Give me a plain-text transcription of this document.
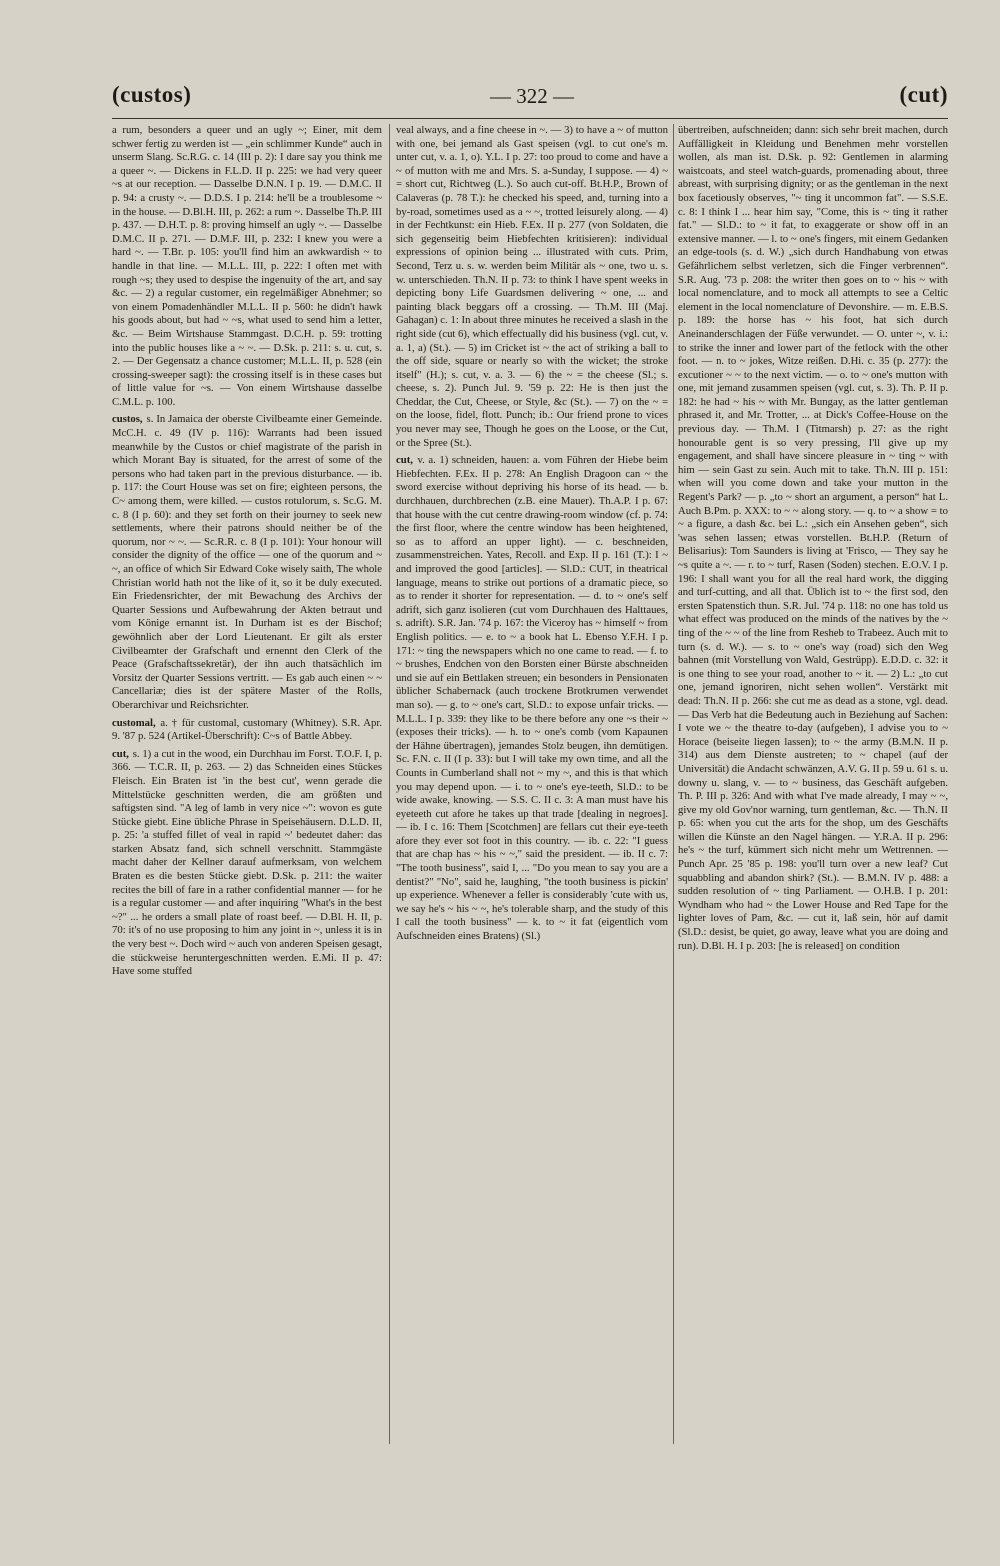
(custos)	— 322 —	(cut)

a rum, besonders a queer und an ugly ~; Einer, mit dem schwer fertig zu werden ist — „ein schlimmer Kunde“ auch in unserm Slang. Sc.R.G. c. 14 (III p. 2): I dare say you think me a queer ~. — Dickens in F.L.D. II p. 225: we had very queer ~s at our reception. — Dasselbe D.N.N. I p. 19. — D.M.C. II p. 94: a crusty ~. — D.D.S. I p. 214: he'll be a troublesome ~ in the house. — D.Bl.H. III, p. 262: a rum ~. Dasselbe Th.P. III p. 437. — D.H.T. p. 8: proving himself an ugly ~. — Dasselbe D.M.C. II p. 271. — D.M.F. III, p. 232: I knew you were a hard ~. — T.Br. p. 105: you'll find him an awkwardish ~ to handle in that line. — M.L.L. III, p. 222: I often met with rough ~s; they used to despise the ingenuity of the art, and say &c. — 2) a regular customer, ein regelmäßiger Abnehmer; so von einem Pomadenhändler M.L.L. II p. 560: he didn't hawk his goods about, but had ~ ~s, what used to send him a letter, &c. — Beim Wirtshause Stammgast. D.C.H. p. 59: trotting into the public houses like a ~ ~. — D.Sk. p. 211: s. u. cut, s. 2. — Der Gegensatz a chance customer; M.L.L. II, p. 528 (ein crossing-sweeper sagt): the crossing itself is in these cases but of little value for ~s. — Von einem Wirtshause dasselbe C.M.L. p. 100.

custos, s. In Jamaica der oberste Civilbeamte einer Gemeinde. McC.H. c. 49 (IV p. 116): Warrants had been issued meanwhile by the Custos or chief magistrate of the parish in which Morant Bay is situated, for the arrest of some of the persons who had taken part in the previous disturbance. — ib. p. 117: the Court House was set on fire; eighteen persons, the C~ among them, were killed. — custos rotulorum, s. Sc.G. M. c. 8 (I p. 60): and they set forth on their journey to seek new settlements, where their patrons should neither be of the quorum, nor ~ ~. — Sc.R.R. c. 8 (I p. 101): Your honour will consider the dignity of the office — one of the quorum and ~ ~, an office of which Sir Edward Coke wisely saith, The whole Christian world hath not the like of it, so it be duly executed. Ein Friedensrichter, der mit Bewachung des Archivs der Quarter Sessions und Aufbewahrung der Akten betraut und vom Könige ernannt ist. In Durham ist es der Bischof; gewöhnlich aber der Lord Lieutenant. Er gilt als erster Civilbeamter der Grafschaft und ernennt den Clerk of the Peace (Grafschaftssekretär), der ihn auch thatsächlich im Vorsitz der Quarter Sessions vertritt. — Es gab auch einen ~ ~ Cancellariæ; dies ist der spätere Master of the Rolls, Oberarchivar und Reichsrichter.

customal, a. † für customal, customary (Whitney). S.R. Apr. 9. '87 p. 524 (Artikel-Überschrift): C~s of Battle Abbey.

cut, s. 1) a cut in the wood, ein Durchhau im Forst. T.O.F. I, p. 366. — T.C.R. II, p. 263. — 2) das Schneiden eines Stückes Fleisch. Ein Braten ist 'in the best cut', wenn gerade die Mittelstücke geschnitten werden, die am größten und saftigsten sind. "A leg of lamb in very nice ~": wovon es gute Stücke giebt. Eine übliche Phrase in Speisehäusern. D.L.D. II, p. 25: 'a stuffed fillet of veal in rapid ~' bedeutet daher: das starken Absatz fand, sich schnell verschnitt. Stammgäste macht daher der Kellner darauf aufmerksam, von welchem Braten es die besten Stücke giebt. D.Sk. p. 211: the waiter recites the bill of fare in a rather confidential manner — for he is a regular customer — and after inquiring "What's in the best ~?" ... he orders a small plate of roast beef. — D.Bl. H. II, p. 70: it's of no use proposing to him any joint in ~, unless it is in the very best ~. Doch wird ~ auch von anderen Speisen gesagt, die stückweise heruntergeschnitten werden. E.Mi. II p. 47: Have some stuffed

veal always, and a fine cheese in ~. — 3) to have a ~ of mutton with one, bei jemand als Gast speisen (vgl. to cut one's m. unter cut, v. a. 1, o). Y.L. I p. 27: too proud to come and have a ~ of mutton with me and Mrs. S. a-Sunday, I suppose. — 4) ~ = short cut, Richtweg (L.). So auch cut-off. Bt.H.P., Brown of Calaveras (p. 78 T.): he checked his speed, and, turning into a by-road, sometimes used as a ~ ~, trotted leisurely along. — 4) in der Fechtkunst: ein Hieb. F.Ex. II p. 277 (von Soldaten, die sich gegenseitig beim Hiebfechten kritisieren): individual expressions of opinion being ... illustrated with cuts. Prim, Second, Terz u. s. w. werden beim Militär als ~ one, two u. s. w. unterschieden. Th.N. II p. 73: to think I have spent weeks in depicting bony Life Guardsmen delivering ~ one, ... and painting black beggars off a crossing. — Th.M. III (Maj. Gahagan) c. 1: In about three minutes he received a slash in the right side (cut 6), which effectually did his business (vgl. cut, v. a. 1, a) (St.). — 5) im Cricket ist ~ the act of striking a ball to the off side, square or nearly so with the wicket; the stroke itself" (H.); s. cut, v. a. 3. — 6) the ~ = the cheese (Sl.; s. cheese, s. 2). Punch Jul. 9. '59 p. 22: He is then just the Cheddar, the Cut, Cheese, or Style, &c (St.). — 7) on the ~ = on the loose, fidel, flott. Punch; ib.: Our friend prone to vices you never may see, Though he goes on the Loose, or the Cut, or the Spree (St.).

cut, v. a. 1) schneiden, hauen: a. vom Führen der Hiebe beim Hiebfechten. F.Ex. II p. 278: An English Dragoon can ~ the sword exercise without depriving his horse of its head. — b. durchhauen, durchbrechen (z.B. eine Mauer). Th.A.P. I p. 67: that house with the cut centre drawing-room window (cf. p. 74: the first floor, where the centre window has been heightened, so as to afford an upper light). — c. beschneiden, zusammenstreichen. Yates, Recoll. and Exp. II p. 161 (T.): I ~ and improved the good [articles]. — Sl.D.: CUT, in theatrical language, means to strike out portions of a dramatic piece, so as to render it shorter for representation. — d. to ~ one's self adrift, sich ganz isolieren (cut vom Durchhauen des Halttaues, s. adrift). S.R. Jan. '74 p. 167: the Viceroy has ~ himself ~ from English politics. — e. to ~ a book hat L. Ebenso Y.F.H. I p. 171: ~ ting the newspapers which no one came to read. — f. to ~ brushes, Endchen von den Borsten einer Bürste abschneiden und sie auf ein Bettlaken streuen; ein besonders in Pensionaten üblicher Schabernack (auch trockene Brotkrumen verwendet man so). — g. to ~ one's cart, Sl.D.: to expose unfair tricks. — M.L.L. I p. 339: they like to be there before any one ~s their ~ (exposes their tricks). — h. to ~ one's comb (vom Kapaunen der Hähne übertragen), jemandes Stolz beugen, ihn demütigen. Sc. F.N. c. II (I p. 33): but I will take my own time, and all the Counts in Cumberland shall not ~ my ~, and this is that which you may depend upon. — i. to ~ one's eye-teeth, Sl.D.: to be wide awake, knowing. — S.S. C. II c. 3: A man must have his eyeteeth cut afore he takes up that trade [dealing in negroes]. — ib. I c. 16: Them [Scotchmen] are fellars cut their eye-teeth afore they ever sot foot in this country. — ib. c. 22: "I guess that are chap has ~ his ~ ~," said the president. — ib. II c. 7: "The tooth business", said I, ... "Do you mean to say you are a dentist?" "No", said he, laughing, "the tooth business is pickin' up experience. Whenever a feller is considerably 'cute with us, we say he's ~ his ~ ~, he's tolerable sharp, and the study of this I call the tooth business" — k. to ~ it fat (eigentlich vom Aufschneiden eines Bratens) (Sl.)

übertreiben, aufschneiden; dann: sich sehr breit machen, durch Auffälligkeit in Kleidung und Benehmen mehr vorstellen wollen, als man ist. D.Sk. p. 92: Gentlemen in alarming waistcoats, and steel watch-guards, promenading about, three abreast, with surprising dignity; or as the gentleman in the next box facetiously observes, "~ ting it uncommon fat". — S.S.E. c. 8: I think I ... hear him say, "Come, this is ~ ting it rather fat." — Sl.D.: to ~ it fat, to exaggerate or show off in an extensive manner. — l. to ~ one's fingers, mit einem Gedanken an edge-tools (s. d. W.) „sich durch Handhabung von etwas Gefährlichem selbst verletzen, sich die Finger verbrennen“. S.R. Aug. '73 p. 208: the writer then goes on to ~ his ~ with local nomenclature, and to mock all attempts to see a Celtic element in the local nomenclature of Devonshire. — m. E.B.S. p. 189: the horse has ~ his foot, hat sich durch Aneinanderschlagen der Füße verwundet. — O. unter ~, v. i.: to strike the inner and lower part of the fetlock with the other foot. — n. to ~ jokes, Witze reißen. D.Hi. c. 35 (p. 277): the excutioner ~ ~ to the next victim. — o. to ~ one's mutton with one, mit jemand zusammen speisen (vgl. cut, s. 3). Th. P. II p. 182: he had ~ his ~ with Mr. Bungay, as the latter gentleman phrased it, and Mr. Trotter, ... at Dick's Coffee-House on the previous day. — Th.M. I (Titmarsh) p. 27: as the right honourable gent is so very pressing, I'll give up my engagement, and shall have sincere pleasure in ~ ting ~ with him — sein Gast zu sein. Auch mit to take. Th.N. III p. 151: when will you come down and take your mutton in the Regent's Park? — p. „to ~ short an argument, a person“ hat L. Auch B.Pm. p. XXX: to ~ ~ along story. — q. to ~ a show = to ~ a figure, a dash &c. bei L.: „sich ein Ansehen geben“, sich 'was sehen lassen; etwas vorstellen. Bt.H.P. (Return of Belisarius): Tom Saunders is living at 'Frisco, — They say he ~s quite a ~. — r. to ~ turf, Rasen (Soden) stechen. E.O.V. I p. 196: I shall want you for all the real hard work, the digging and turf-cutting, and all that. Üblich ist to ~ the first sod, den ersten Spatenstich thun. S.R. Jul. '74 p. 118: no one has told us what effect was produced on the minds of the natives by the ~ ting of the ~ ~ of the line from Resheb to Trabeez. Auch mit to turn (s. d. W.). — s. to ~ one's way (road) sich den Weg bahnen (mit Vorstellung von Wald, Gestrüpp). E.D.D. c. 32: it is one thing to see your road, another to ~ it. — 2) L.: „to cut one, jemand ignoriren, nicht sehen wollen“. Verstärkt mit dead: Th.N. II p. 266: she cut me as dead as a stone, vgl. dead. — Das Verb hat die Bedeutung auch in Beziehung auf Sachen: I vote we ~ the theatre to-day (aufgeben), I advise you to ~ Horace (beiseite liegen lassen); to ~ the army (B.M.N. II p. 314) aus dem Dienste austreten; to ~ chapel (auf der Universität) die Andacht schwänzen, A.V. G. II p. 59 u. 61 s. u. downy u. slang, v. — to ~ business, das Geschäft aufgeben. Th. P. III p. 326: And with what I've made already, I may ~ ~, give my old Gov'nor warning, turn gentleman, &c. — Th.N. II p. 65: when you cut the arts for the shop, um des Geschäfts willen die Künste an den Nagel hängen. — Y.R.A. II p. 296: he's ~ the turf, kümmert sich nicht mehr um Wettrennen. — Punch Apr. 25 '85 p. 198: you'll turn over a new leaf? Cut squabbling and abandon shirk? (St.). — B.M.N. IV p. 488: a sudden resolution of ~ ting Parliament. — O.H.B. I p. 201: Wyndham who had ~ the Lower House and Red Tape for the lighter loves of Pam, &c. — cut it, laß sein, hör auf damit (Sl.D.: desist, be quiet, go away, leave what you are doing and run). D.Bl. H. I p. 203: [he is released] on condition
